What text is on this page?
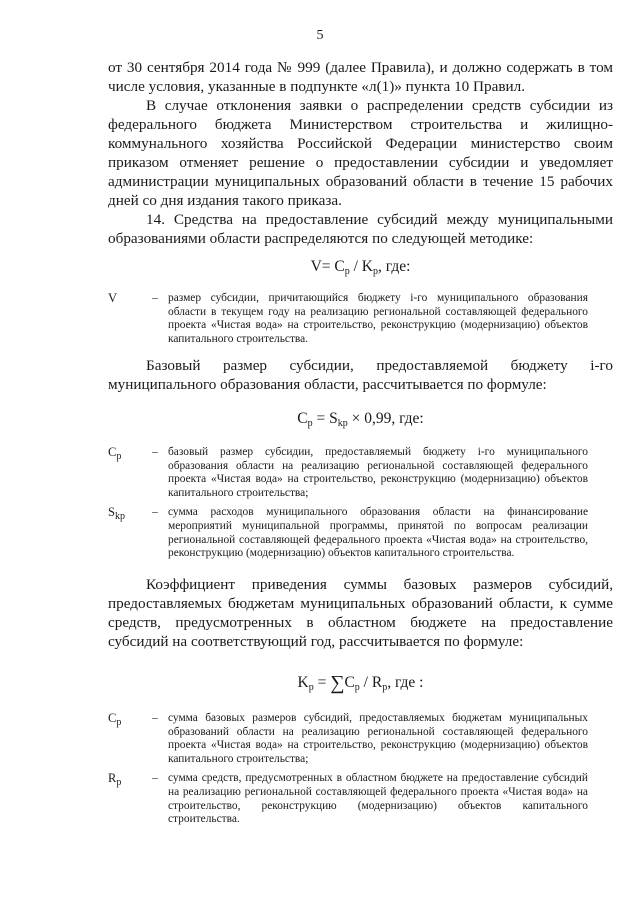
5

от 30 сентября 2014 года № 999 (далее Правила), и должно содержать в том числе условия, указанные в подпункте «л(1)» пункта 10 Правил.

В случае отклонения заявки о распределении средств субсидии из федерального бюджета Министерством строительства и жилищно-коммунального хозяйства Российской Федерации министерство своим приказом отменяет решение о предоставлении субсидии и уведомляет администрации муниципальных образований области в течение 15 рабочих дней со дня издания такого приказа.

14. Средства на предоставление субсидий между муниципальными образованиями области распределяются по следующей методике:

$V= C_p / K_p$, где:
V	– размер субсидии, причитающийся бюджету i-го муниципального образования области в текущем году на реализацию региональной составляющей федерального проекта «Чистая вода» на строительство, реконструкцию (модернизацию) объектов капитального строительства.

Базовый размер субсидии, предоставляемой бюджету i-го муниципального образования области, рассчитывается по формуле:

$C_p = S_{kp} \times 0,99$, где:
$C_p$	– базовый размер субсидии, предоставляемый бюджету i-го муниципального образования области на реализацию региональной составляющей федерального проекта «Чистая вода» на строительство, реконструкцию (модернизацию) объектов капитального строительства;
$S_{kp}$	– сумма расходов муниципального образования области на финансирование мероприятий муниципальной программы, принятой по вопросам реализации региональной составляющей федерального проекта «Чистая вода» на строительство, реконструкцию (модернизацию) объектов капитального строительства.

Коэффициент приведения суммы базовых размеров субсидий, предоставляемых бюджетам муниципальных образований области, к сумме средств, предусмотренных в областном бюджете на предоставление субсидий на соответствующий год, рассчитывается по формуле:

$K_p = \sum C_p / R_p$, где :
$C_p$	– сумма базовых размеров субсидий, предоставляемых бюджетам муниципальных образований области на реализацию региональной составляющей федерального проекта «Чистая вода» на строительство, реконструкцию (модернизацию) объектов капитального строительства;
$R_p$	– сумма средств, предусмотренных в областном бюджете на предоставление субсидий на реализацию региональной составляющей федерального проекта «Чистая вода» на строительство, реконструкцию (модернизацию) объектов капитального строительства.
